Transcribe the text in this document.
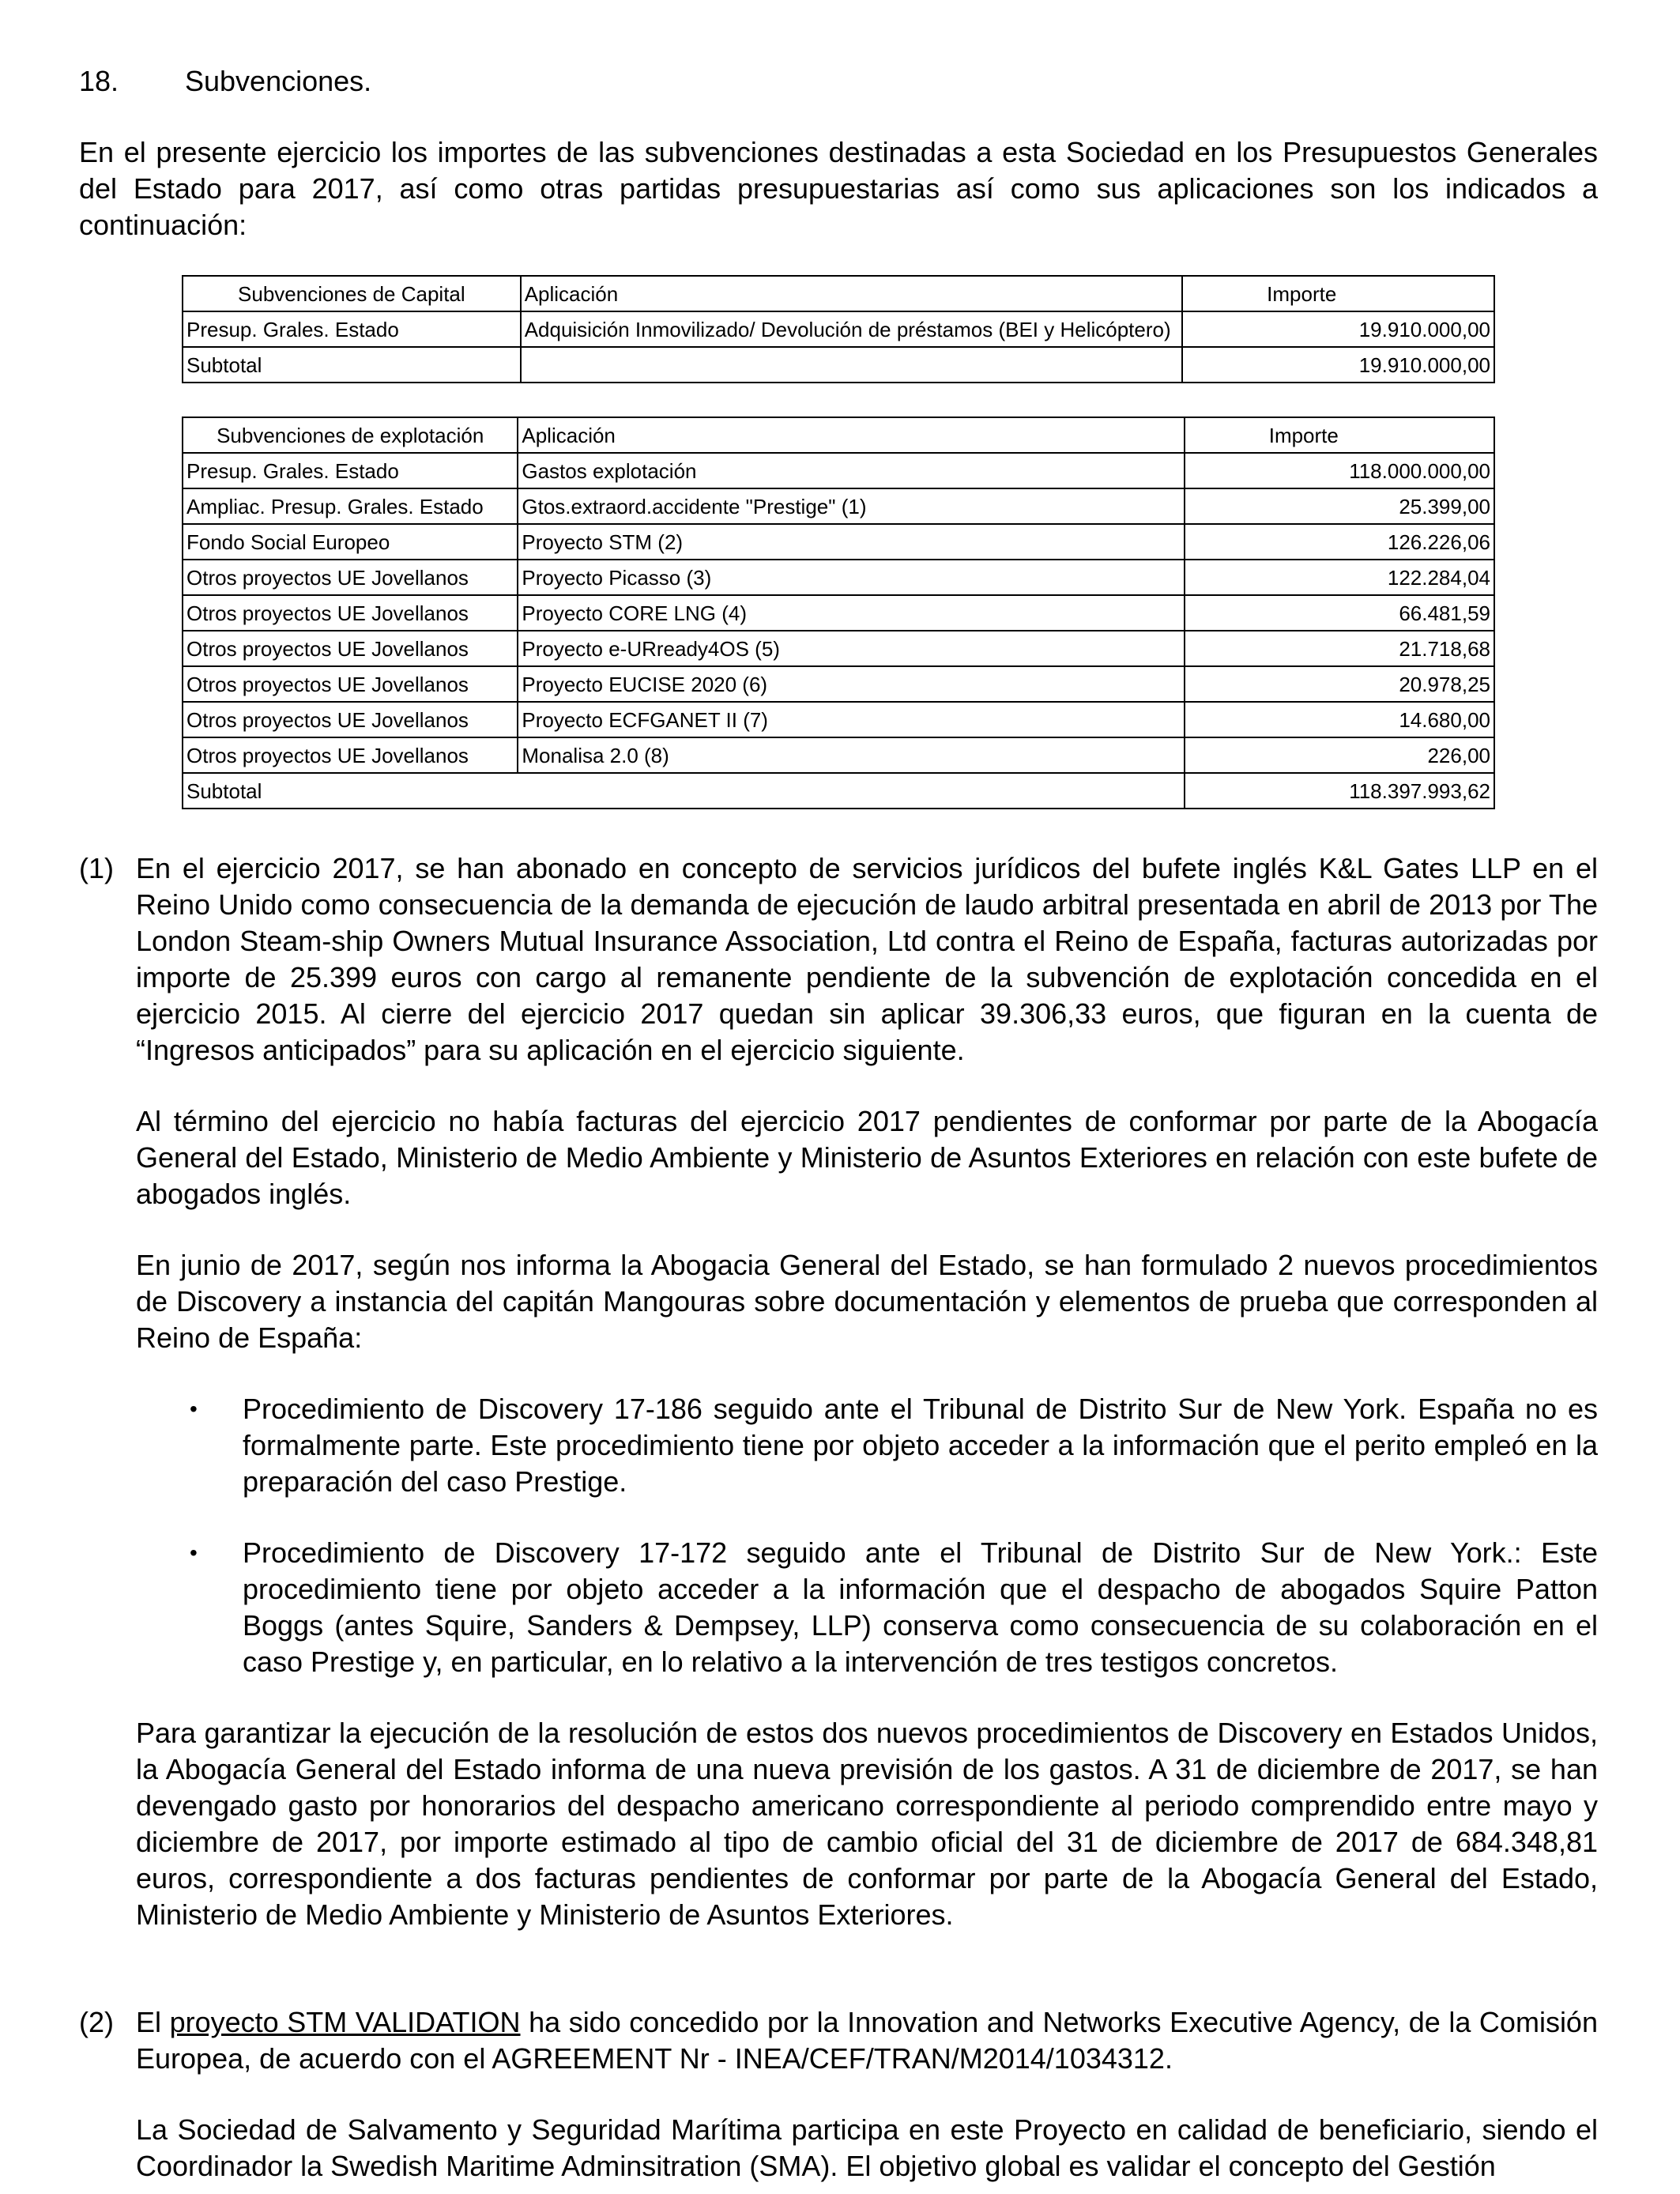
18.	Subvenciones.

En el presente ejercicio los importes de las subvenciones destinadas a esta Sociedad en los Presupuestos Generales del Estado para 2017, así como otras partidas presupuestarias así como sus aplicaciones son los indicados a continuación:

Subvenciones de Capital	Aplicación	Importe
Presup. Grales. Estado	Adquisición Inmovilizado/ Devolución de préstamos (BEI y Helicóptero)	19.910.000,00
Subtotal		19.910.000,00
Subvenciones de explotación	Aplicación	Importe
Presup. Grales. Estado	Gastos explotación	118.000.000,00
Ampliac. Presup. Grales. Estado	Gtos.extraord.accidente "Prestige" (1)	25.399,00
Fondo Social Europeo	Proyecto STM (2)	126.226,06
Otros proyectos UE Jovellanos	Proyecto Picasso (3)	122.284,04
Otros proyectos UE Jovellanos	Proyecto CORE LNG (4)	66.481,59
Otros proyectos UE Jovellanos	Proyecto e-URready4OS (5)	21.718,68
Otros proyectos UE Jovellanos	Proyecto EUCISE 2020 (6)	20.978,25
Otros proyectos UE Jovellanos	Proyecto ECFGANET II (7)	14.680,00
Otros proyectos UE Jovellanos	Monalisa 2.0 (8)	226,00
Subtotal		118.397.993,62
(1) En el ejercicio 2017, se han abonado en concepto de servicios jurídicos del bufete inglés K&L Gates LLP en el Reino Unido como consecuencia de la demanda de ejecución de laudo arbitral presentada en abril de 2013 por The London Steam-ship Owners Mutual Insurance Association, Ltd contra el Reino de España, facturas autorizadas por importe de 25.399 euros con cargo al remanente pendiente de la subvención de explotación concedida en el ejercicio 2015. Al cierre del ejercicio 2017 quedan sin aplicar 39.306,33 euros, que figuran en la cuenta de “Ingresos anticipados” para su aplicación en el ejercicio siguiente.

Al término del ejercicio no había facturas del ejercicio 2017 pendientes de conformar por parte de la Abogacía General del Estado, Ministerio de Medio Ambiente y Ministerio de Asuntos Exteriores en relación con este bufete de abogados inglés.

En junio de 2017, según nos informa la Abogacia General del Estado, se han formulado 2 nuevos procedimientos de Discovery a instancia del capitán Mangouras sobre documentación y elementos de prueba que corresponden al Reino de España:

•	Procedimiento de Discovery 17-186 seguido ante el Tribunal de Distrito Sur de New York. España no es formalmente parte. Este procedimiento tiene por objeto acceder a la información que el perito empleó en la preparación del caso Prestige.
•	Procedimiento de Discovery 17-172 seguido ante el Tribunal de Distrito Sur de New York.: Este procedimiento tiene por objeto acceder a la información que el despacho de abogados Squire Patton Boggs (antes Squire, Sanders & Dempsey, LLP) conserva como consecuencia de su colaboración en el caso Prestige y, en particular, en lo relativo a la intervención de tres testigos concretos.

Para garantizar la ejecución de la resolución de estos dos nuevos procedimientos de Discovery en Estados Unidos, la Abogacía General del Estado informa de una nueva previsión de los gastos. A 31 de diciembre de 2017, se han devengado gasto por honorarios del despacho americano correspondiente al periodo comprendido entre mayo y diciembre de 2017, por importe estimado al tipo de cambio oficial del 31 de diciembre de 2017 de 684.348,81 euros, correspondiente a dos facturas pendientes de conformar por parte de la Abogacía General del Estado, Ministerio de Medio Ambiente y Ministerio de Asuntos Exteriores.

(2) El proyecto STM VALIDATION ha sido concedido por la Innovation and Networks Executive Agency, de la Comisión Europea, de acuerdo con el AGREEMENT Nr - INEA/CEF/TRAN/M2014/1034312.

La Sociedad de Salvamento y Seguridad Marítima participa en este Proyecto en calidad de beneficiario, siendo el Coordinador la Swedish Maritime Adminsitration (SMA). El objetivo global es validar el concepto del Gestión
